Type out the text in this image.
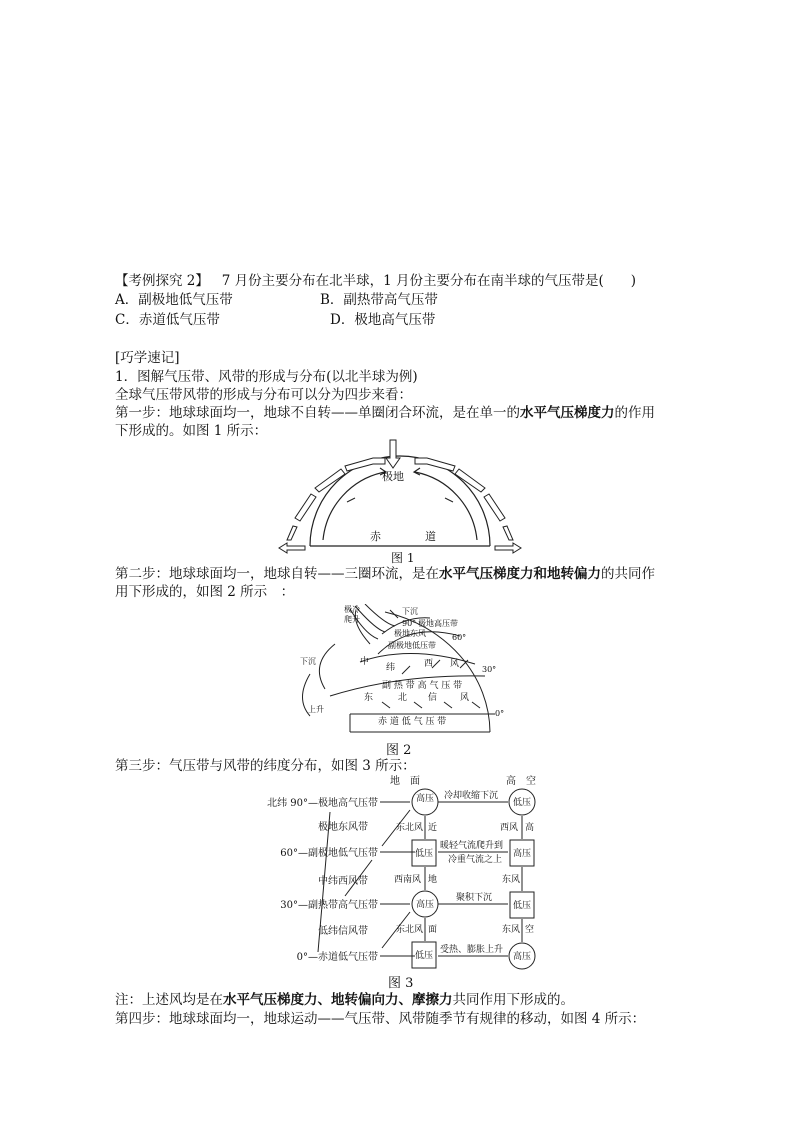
【考例探究 2】 7 月份主要分布在北半球，1 月份主要分布在南半球的气压带是(　　)
A．副极地低气压带	B．副热带高气压带
C．赤道低气压带	D．极地高气压带
[巧学速记]
1．图解气压带、风带的形成与分布(以北半球为例)
全球气压带风带的形成与分布可以分为四步来看：
第一步：地球球面均一，地球不自转——单圈闭合环流，是在单一的水平气压梯度力的作用
下形成的。如图 1 所示：
极地
赤	道
图 1
第二步：地球球面均一，地球自转——三圈环流，是在水平气压梯度力和地转偏力的共同作
用下形成的，如图 2 所示　：
极冷
爬升
下沉
90° 极地高压带
极地东风
副极地低压带
60°
中
纬	西 风
30°
副 热 带 高 气 压 带
东	北 信	风
0°
赤 道 低 气 压 带
下沉
上升
图 2
第三步：气压带与风带的纬度分布，如图 3 所示：
地　面	高　空
北纬 90°—极地高气压带
极地东风带
60°—副极地低气压带
中纬西风带
30°—副热带高气压带
低纬信风带
0°—赤道低气压带
高压
低压
高压
低压
低压
高压
低压
高压
东北风
西南风
东北风
近
地
面
西风
东风
东风
高
空
冷却收缩下沉
暖轻气流爬升到
冷重气流之上
聚积下沉
受热、膨胀上升
图 3
注：上述风均是在水平气压梯度力、地转偏向力、摩擦力共同作用下形成的。
第四步：地球球面均一，地球运动——气压带、风带随季节有规律的移动，如图 4 所示：
